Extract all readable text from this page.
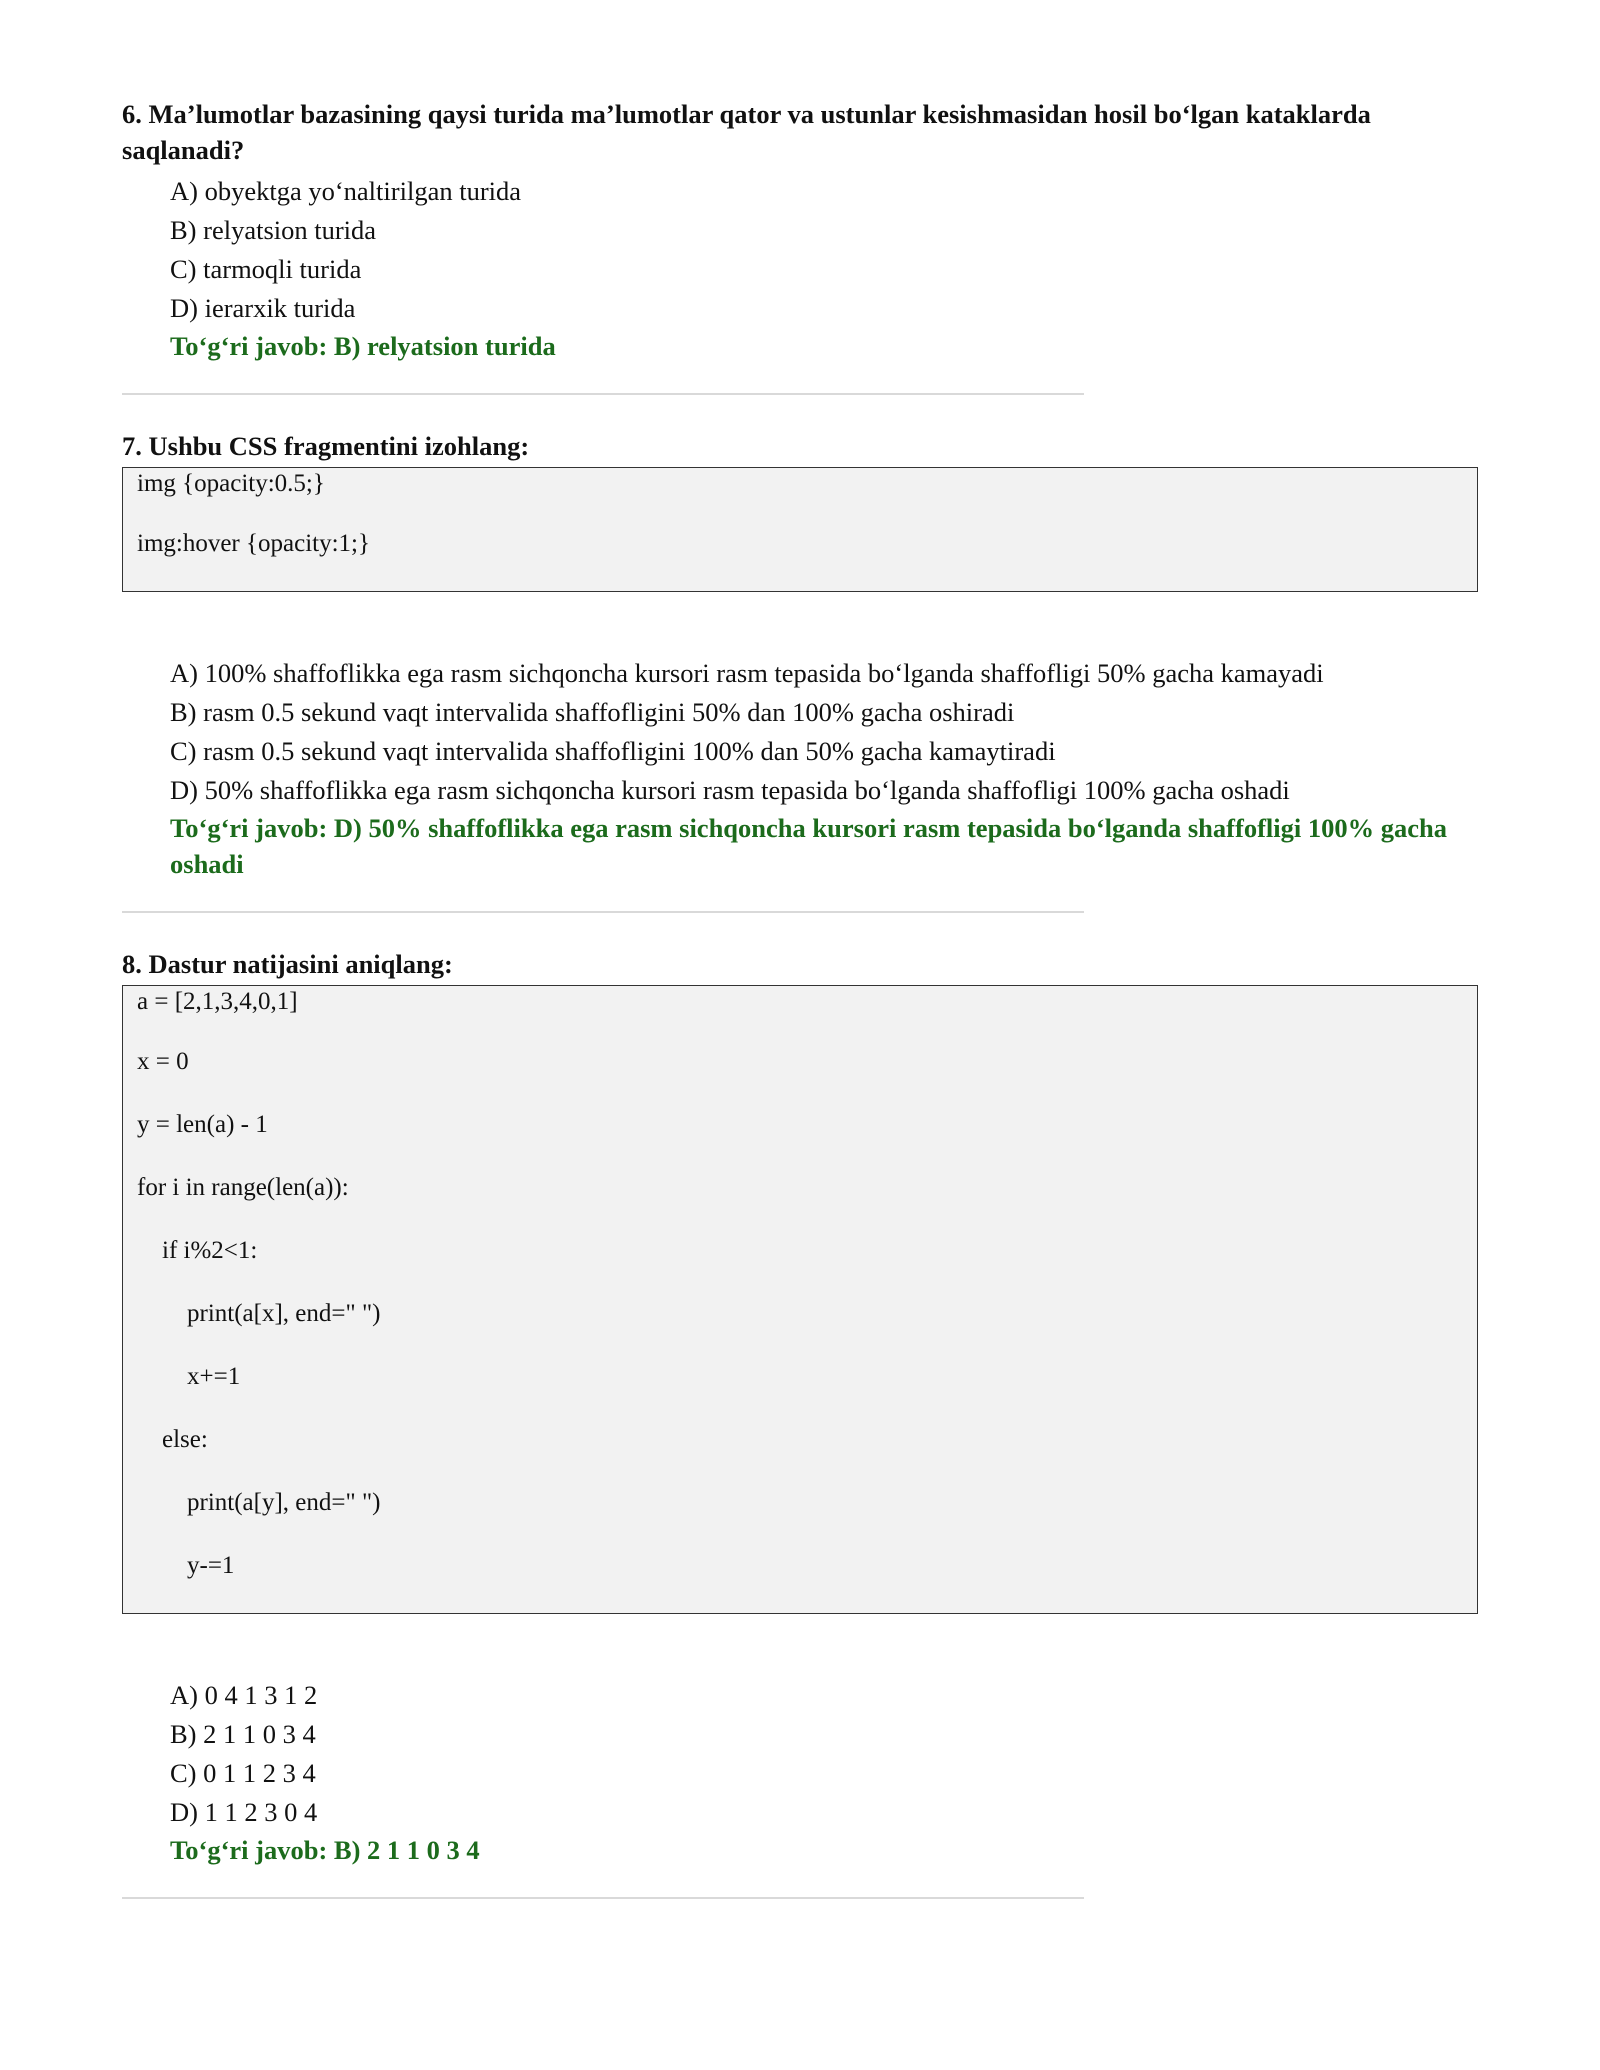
6. Ma’lumotlar bazasining qaysi turida ma’lumotlar qator va ustunlar kesishmasidan hosil bo‘lgan kataklarda saqlanadi?

A) obyektga yo‘naltirilgan turida
B) relyatsion turida
C) tarmoqli turida
D) ierarxik turida

To‘g‘ri javob: B) relyatsion turida

7. Ushbu CSS fragmentini izohlang:

img {opacity:0.5;}
img:hover {opacity:1;}
A) 100% shaffoflikka ega rasm sichqoncha kursori rasm tepasida bo‘lganda shaffofligi 50% gacha kamayadi
B) rasm 0.5 sekund vaqt intervalida shaffofligini 50% dan 100% gacha oshiradi
C) rasm 0.5 sekund vaqt intervalida shaffofligini 100% dan 50% gacha kamaytiradi
D) 50% shaffoflikka ega rasm sichqoncha kursori rasm tepasida bo‘lganda shaffofligi 100% gacha oshadi

To‘g‘ri javob: D) 50% shaffoflikka ega rasm sichqoncha kursori rasm tepasida bo‘lganda shaffofligi 100% gacha oshadi

8. Dastur natijasini aniqlang:

a = [2,1,3,4,0,1]
x = 0
y = len(a) - 1
for i in range(len(a)):
if i%2<1:
print(a[x], end=" ")
x+=1
else:
print(a[y], end=" ")
y-=1
A) 0 4 1 3 1 2
B) 2 1 1 0 3 4
C) 0 1 1 2 3 4
D) 1 1 2 3 0 4

To‘g‘ri javob: B) 2 1 1 0 3 4
